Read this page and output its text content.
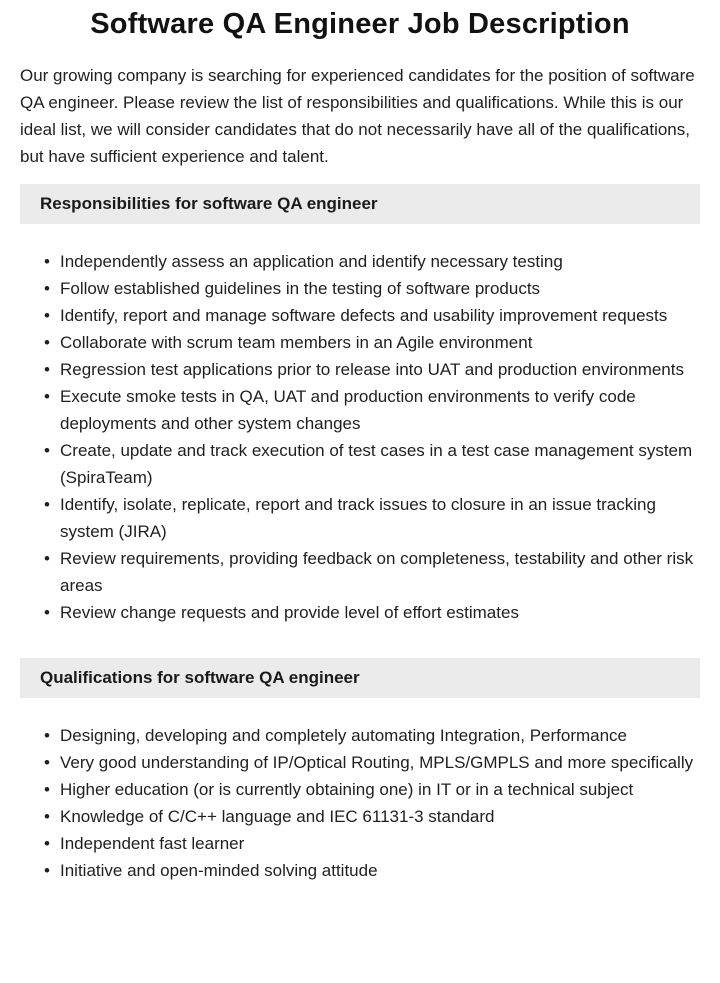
Software QA Engineer Job Description

Our growing company is searching for experienced candidates for the position of software QA engineer. Please review the list of responsibilities and qualifications. While this is our ideal list, we will consider candidates that do not necessarily have all of the qualifications, but have sufficient experience and talent.

Responsibilities for software QA engineer
• Independently assess an application and identify necessary testing
• Follow established guidelines in the testing of software products
• Identify, report and manage software defects and usability improvement requests
• Collaborate with scrum team members in an Agile environment
• Regression test applications prior to release into UAT and production environments
• Execute smoke tests in QA, UAT and production environments to verify code deployments and other system changes
• Create, update and track execution of test cases in a test case management system (SpiraTeam)
• Identify, isolate, replicate, report and track issues to closure in an issue tracking system (JIRA)
• Review requirements, providing feedback on completeness, testability and other risk areas
• Review change requests and provide level of effort estimates
Qualifications for software QA engineer
• Designing, developing and completely automating Integration, Performance
• Very good understanding of IP/Optical Routing, MPLS/GMPLS and more specifically
• Higher education (or is currently obtaining one) in IT or in a technical subject
• Knowledge of C/C++ language and IEC 61131-3 standard
• Independent fast learner
• Initiative and open-minded solving attitude
